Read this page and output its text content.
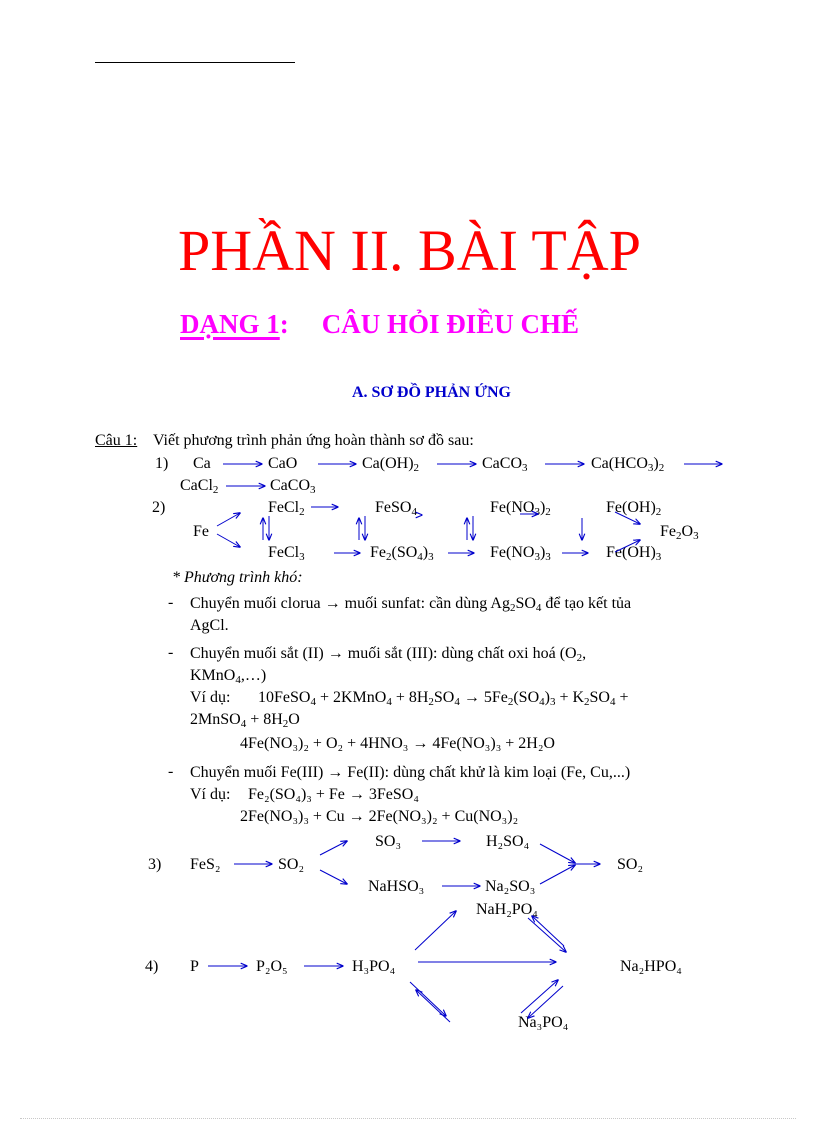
PHẦN II. BÀI TẬP
DẠNG 1: CÂU HỎI ĐIỀU CHẾ
A. SƠ ĐỒ PHẢN ỨNG
Câu 1: Viết phương trình phản ứng hoàn thành sơ đồ sau:
1) Ca	CaO	$Ca(OH)_2$	CaCO$_3$	$Ca(HCO_3)_2$
CaCl$_2$	CaCO$_3$
2)
Fe
FeCl$_2$	FeSO$_4$	$Fe(NO_3)_2$	$Fe(OH)_2$
$Fe_2O_3$
FeCl$_3$	$Fe_2(SO_4)_3$	$Fe(NO_3)_3$	$Fe(OH)_3$
* Phương trình khó:
- Chuyển muối clorua → muối sunfat: cần dùng $Ag_2SO_4$ để tạo kết tủa
AgCl.
- Chuyển muối sắt (II) → muối sắt (III): dùng chất oxi hoá ($O_2$,
KMnO$_4$,…)
Ví dụ: 10FeSO$_4$ + 2KMnO$_4$ + $8H_2SO_4 \to 5Fe_2(SO_4)_3 + K_2SO_4$ +
2MnSO$_4$ + $8H_2O$
4Fe(NO₃)₂ + O₂ + 4HNO₃ → 4Fe(NO₃)₃ + 2H₂O
- Chuyển muối Fe(III) → Fe(II): dùng chất khử là kim loại (Fe, Cu,...)
Ví dụ: Fe₂(SO₄)₃ + Fe → 3FeSO₄
2Fe(NO₃)₃ + Cu → 2Fe(NO₃)₂ + Cu(NO₃)₂
3) FeS₂	SO₂
SO₃	H₂SO₄
NaHSO₃	Na₂SO₃
SO₂
NaH₂PO₄
4) P	P₂O₅	H₃PO₄	Na₂HPO₄
Na₃PO₄
